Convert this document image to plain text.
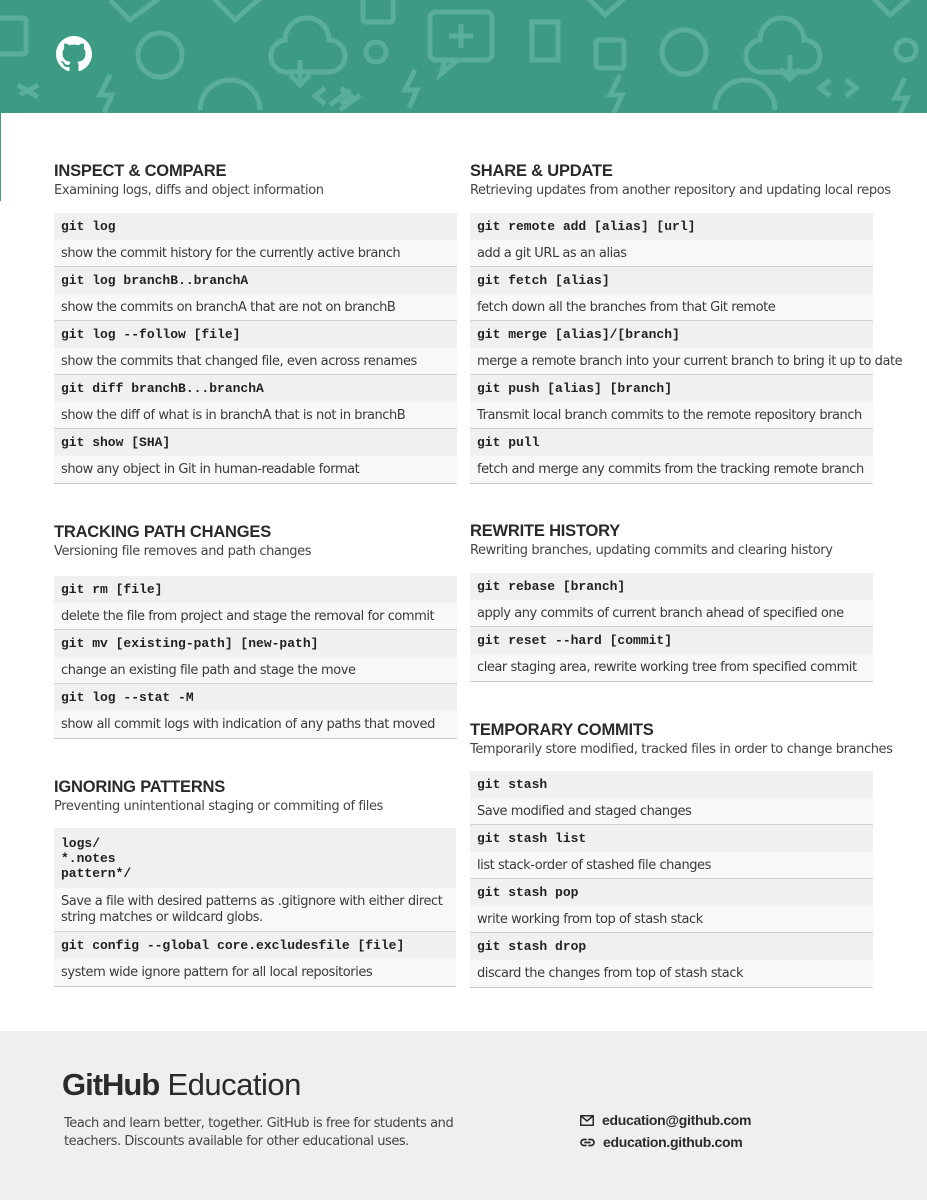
INSPECT & COMPARE
Examining logs, diffs and object information
git log
show the commit history for the currently active branch
git log branchB..branchA
show the commits on branchA that are not on branchB
git log --follow [file]
show the commits that changed file, even across renames
git diff branchB...branchA
show the diff of what is in branchA that is not in branchB
git show [SHA]
show any object in Git in human-readable format
SHARE & UPDATE
Retrieving updates from another repository and updating local repos
git remote add [alias] [url]
add a git URL as an alias
git fetch [alias]
fetch down all the branches from that Git remote
git merge [alias]/[branch]
merge a remote branch into your current branch to bring it up to date
git push [alias] [branch]
Transmit local branch commits to the remote repository branch
git pull
fetch and merge any commits from the tracking remote branch
TRACKING PATH CHANGES
Versioning file removes and path changes
git rm [file]
delete the file from project and stage the removal for commit
git mv [existing-path] [new-path]
change an existing file path and stage the move
git log --stat -M
show all commit logs with indication of any paths that moved
REWRITE HISTORY
Rewriting branches, updating commits and clearing history
git rebase [branch]
apply any commits of current branch ahead of specified one
git reset --hard [commit]
clear staging area, rewrite working tree from specified commit
TEMPORARY COMMITS
Temporarily store modified, tracked files in order to change branches
git stash
Save modified and staged changes
git stash list
list stack-order of stashed file changes
git stash pop
write working from top of stash stack
git stash drop
discard the changes from top of stash stack
IGNORING PATTERNS
Preventing unintentional staging or commiting of files
logs/
*.notes
pattern*/
Save a file with desired patterns as .gitignore with either direct string matches or wildcard globs.
git config --global core.excludesfile [file]
system wide ignore pattern for all local repositories
GitHub Education
Teach and learn better, together. GitHub is free for students and teachers. Discounts available for other educational uses.
education@github.com
education.github.com
